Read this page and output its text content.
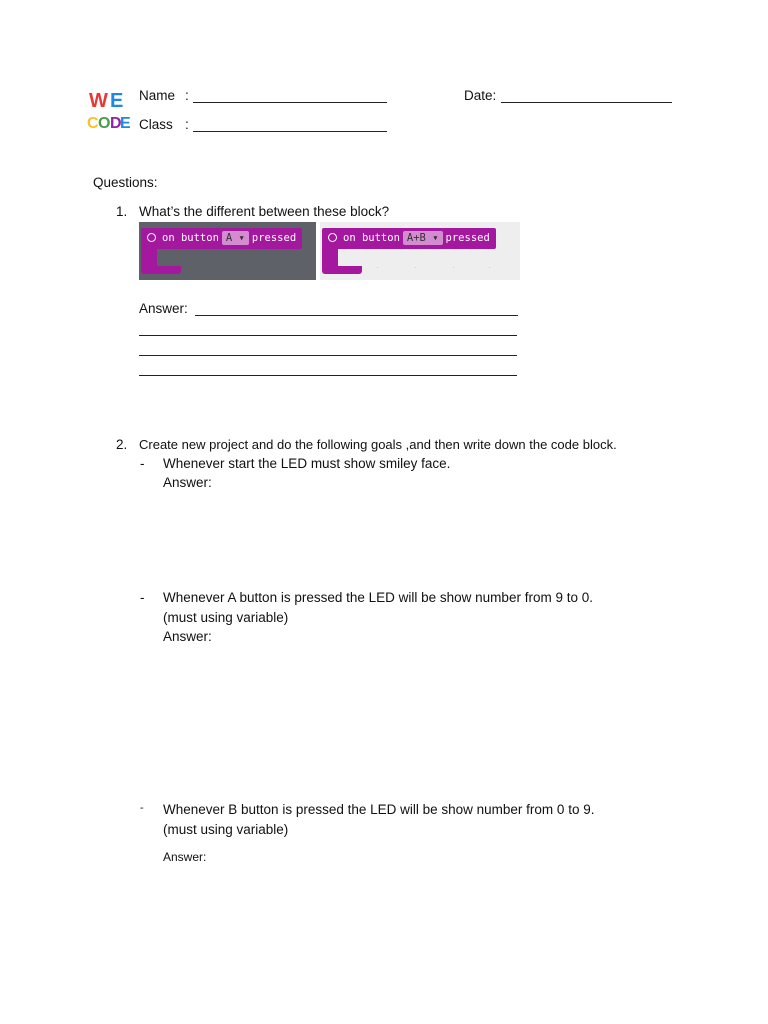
W E
C O D
E
Name :	Date:
Class :
Questions:
1. What’s the different between these block?
on button A ▾ pressed	on button A+B ▾ pressed
·	·	·	·
Answer:
2. Create new project and do the following goals ,and then write down the code block.
- Whenever start the LED must show smiley face.
Answer:
- Whenever A button is pressed the LED will be show number from 9 to 0.
(must using variable)
Answer:
- Whenever B button is pressed the LED will be show number from 0 to 9.
(must using variable)
Answer:
